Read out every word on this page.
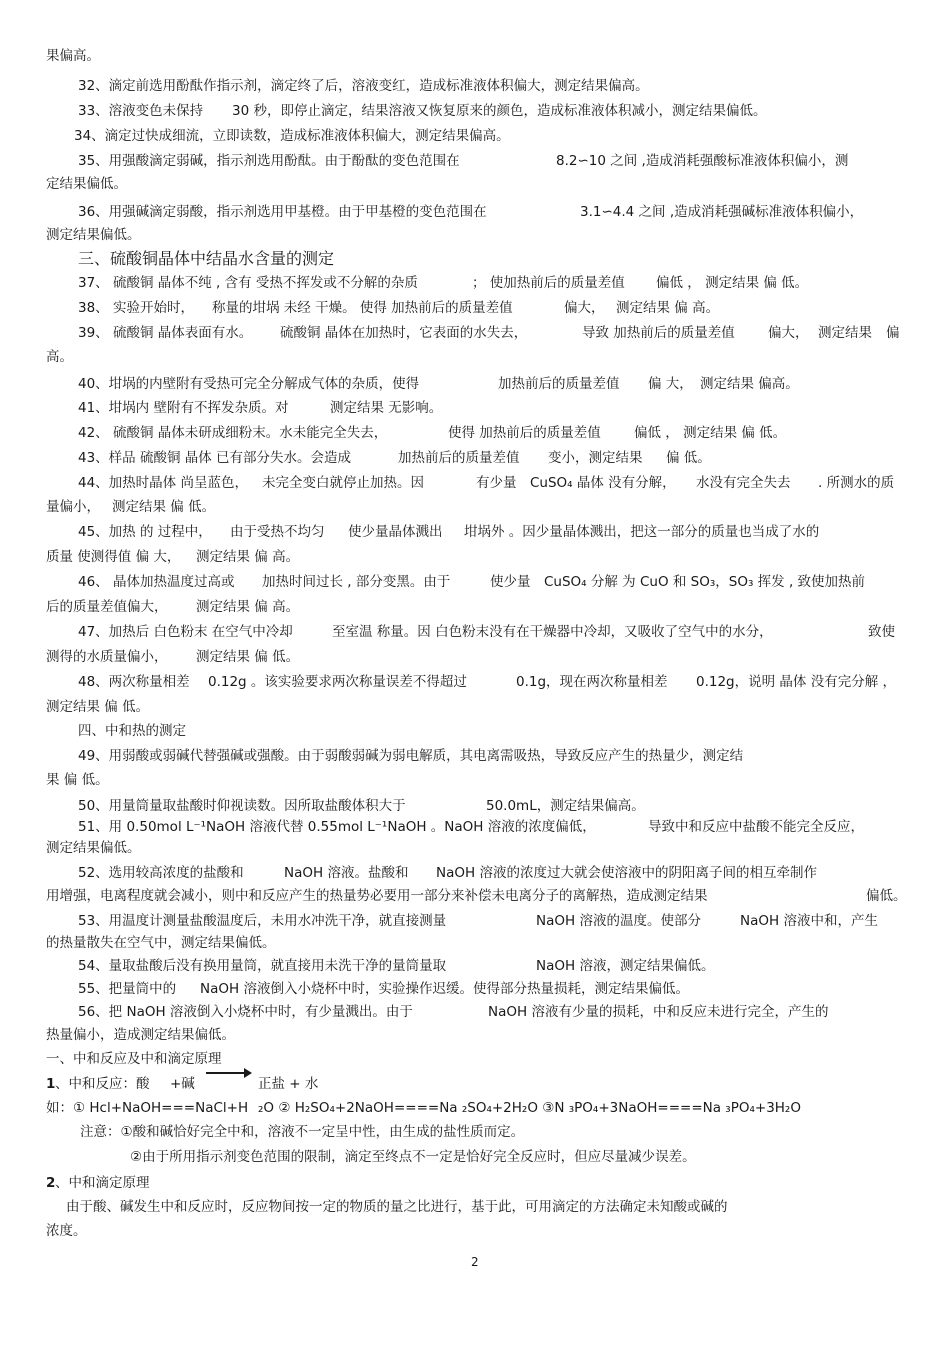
果偏高。
32、滴定前选用酚酞作指示剂，滴定终了后，溶液变红，造成标准液体积偏大，测定结果偏高。
33、溶液变色未保持 30 秒，即停止滴定，结果溶液又恢复原来的颜色，造成标准液体积减小，测定结果偏低。
34、滴定过快成细流，立即读数，造成标准液体积偏大，测定结果偏高。
35、用强酸滴定弱碱，指示剂选用酚酞。由于酚酞的变色范围在	8.2∽10 之间 ,造成消耗强酸标准液体积偏小，测
定结果偏低。
36、用强碱滴定弱酸，指示剂选用甲基橙。由于甲基橙的变色范围在	3.1∽4.4 之间 ,造成消耗强碱标准液体积偏小，
测定结果偏低。
三、硫酸铜晶体中结晶水含量的测定
37、 硫酸铜 晶体不纯 , 含有 受热不挥发或不分解的杂质	； 使加热前后的质量差值 偏低 ， 测定结果 偏 低。
38、 实验开始时， 称量的坩埚 未经 干燥。 使得 加热前后的质量差值	偏大， 测定结果 偏 高。
39、 硫酸铜 晶体表面有水。 硫酸铜 晶体在加热时，它表面的水失去，	导致 加热前后的质量差值 偏大， 测定结果 偏
高。
40、坩埚的内壁附有受热可完全分解成气体的杂质，使得	加热前后的质量差值 偏 大， 测定结果 偏高。
41、坩埚内 壁附有不挥发杂质。对	测定结果 无影响。
42、 硫酸铜 晶体未研成细粉末。水未能完全失去，	使得 加热前后的质量差值 偏低 ， 测定结果 偏 低。
43、样品 硫酸铜 晶体 已有部分失水。会造成	加热前后的质量差值 变小，测定结果 偏 低。
44、加热时晶体 尚呈蓝色， 未完全变白就停止加热。因	有少量 CuSO₄ 晶体 没有分解， 水没有完全失去 . 所测水的质
量偏小， 测定结果 偏 低。
45、加热 的 过程中， 由于受热不均匀 使少量晶体溅出 坩埚外 。因少量晶体溅出，把这一部分的质量也当成了水的
质量 使测得值 偏 大， 测定结果 偏 高。
46、 晶体加热温度过高或 加热时间过长 , 部分变黑。由于	使少量 CuSO₄ 分解 为 CuO 和 SO₃，SO₃ 挥发 , 致使加热前
后的质量差值偏大， 测定结果 偏 高。
47、加热后 白色粉末 在空气中冷却	至室温 称量。因 白色粉末没有在干燥器中冷却，又吸收了空气中的水分，	致使
测得的水质量偏小， 测定结果 偏 低。
48、两次称量相差 0.12g 。该实验要求两次称量误差不得超过	0.1g，现在两次称量相差 0.12g，说明 晶体 没有完分解 ，
测定结果 偏 低。
四、中和热的测定
49、用弱酸或弱碱代替强碱或强酸。由于弱酸弱碱为弱电解质，其电离需吸热，导致反应产生的热量少，测定结
果 偏 低。
50、用量筒量取盐酸时仰视读数。因所取盐酸体积大于	50.0mL，测定结果偏高。
51、用 0.50mol L⁻¹NaOH 溶液代替 0.55mol L⁻¹NaOH 。NaOH 溶液的浓度偏低，	导致中和反应中盐酸不能完全反应，
测定结果偏低。
52、选用较高浓度的盐酸和	NaOH 溶液。盐酸和 NaOH 溶液的浓度过大就会使溶液中的阴阳离子间的相互牵制作
用增强，电离程度就会减小，则中和反应产生的热量势必要用一部分来补偿未电离分子的离解热，造成测定结果	偏低。
53、用温度计测量盐酸温度后，未用水冲洗干净，就直接测量	NaOH 溶液的温度。使部分	NaOH 溶液中和，产生
的热量散失在空气中，测定结果偏低。
54、量取盐酸后没有换用量筒，就直接用未洗干净的量筒量取	NaOH 溶液，测定结果偏低。
55、把量筒中的 NaOH 溶液倒入小烧杯中时，实验操作迟缓。使得部分热量损耗，测定结果偏低。
56、把 NaOH 溶液倒入小烧杯中时，有少量溅出。由于	NaOH 溶液有少量的损耗，中和反应未进行完全，产生的
热量偏小，造成测定结果偏低。
一、中和反应及中和滴定原理
1 、中和反应：酸 +碱	正盐 + 水
如：① Hcl+NaOH===NaCl+H ₂O ② H₂SO₄+2NaOH====Na ₂SO₄+2H₂O ③N ₃PO₄+3NaOH====Na ₃PO₄+3H₂O
注意：①酸和碱恰好完全中和，溶液不一定呈中性，由生成的盐性质而定。
②由于所用指示剂变色范围的限制，滴定至终点不一定是恰好完全反应时，但应尽量减少误差。
2 、中和滴定原理
由于酸、碱发生中和反应时，反应物间按一定的物质的量之比进行，基于此，可用滴定的方法确定未知酸或碱的
浓度。
2
